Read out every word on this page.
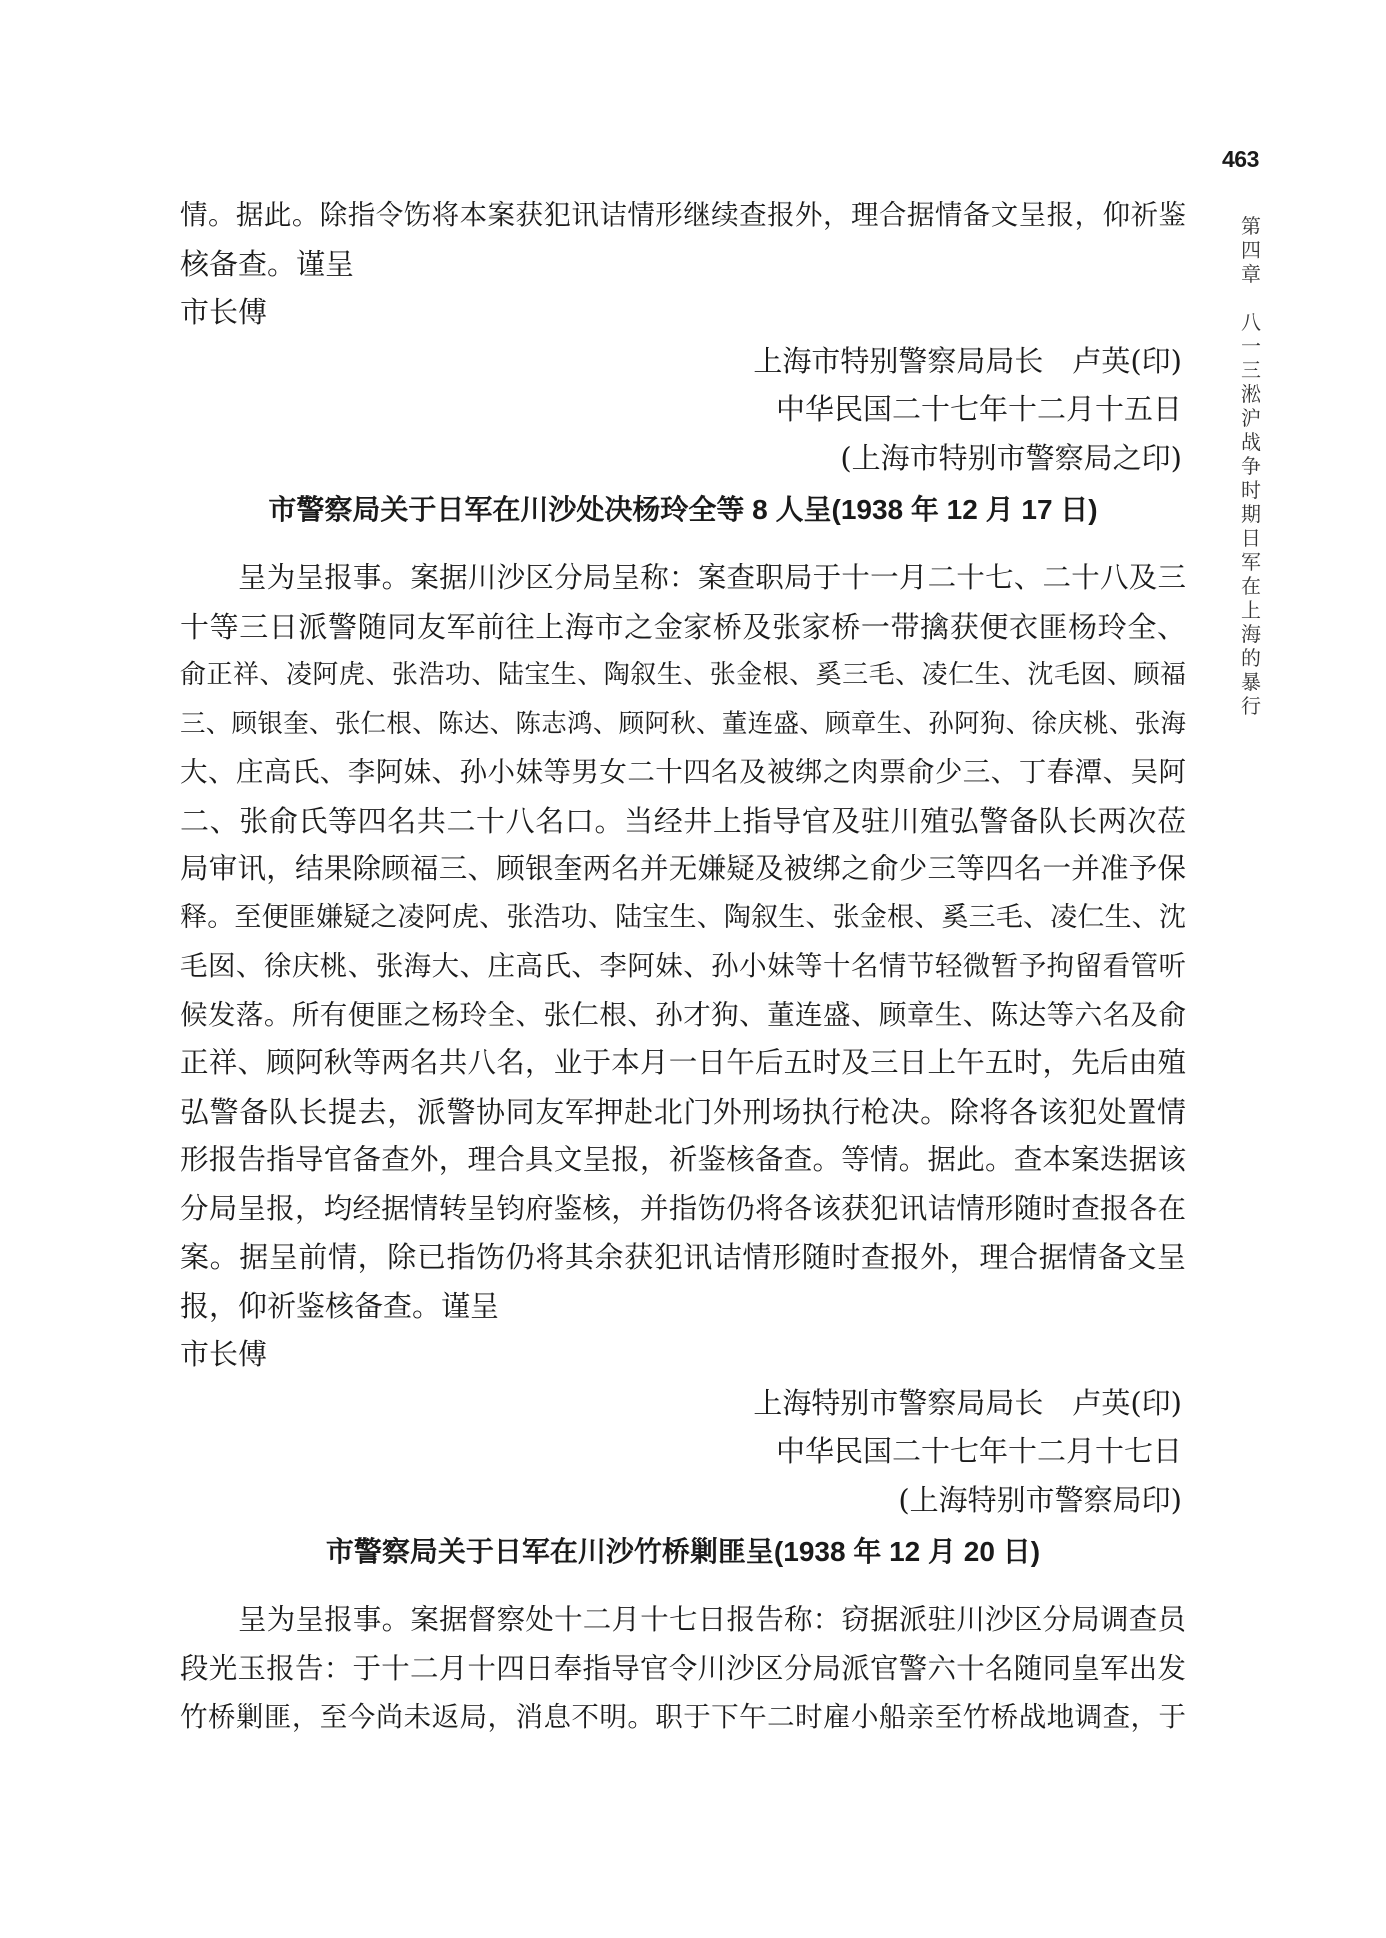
463
第四章
八一三淞沪战争时期日军在上海的暴行
情。据此。除指令饬将本案获犯讯诘情形继续查报外，理合据情备文呈报，仰祈鉴
核备查。谨呈
市长傅
上海市特别警察局局长　卢英(印)
中华民国二十七年十二月十五日
(上海市特别市警察局之印)
市警察局关于日军在川沙处决杨玲全等 8 人呈(1938 年 12 月 17 日)
呈为呈报事。案据川沙区分局呈称：案查职局于十一月二十七、二十八及三
十等三日派警随同友军前往上海市之金家桥及张家桥一带擒获便衣匪杨玲全、
俞正祥、凌阿虎、张浩功、陆宝生、陶叙生、张金根、奚三毛、凌仁生、沈毛囡、顾福
三、顾银奎、张仁根、陈达、陈志鸿、顾阿秋、董连盛、顾章生、孙阿狗、徐庆桃、张海
大、庄高氏、李阿妹、孙小妹等男女二十四名及被绑之肉票俞少三、丁春潭、吴阿
二、张俞氏等四名共二十八名口。当经井上指导官及驻川殖弘警备队长两次莅
局审讯，结果除顾福三、顾银奎两名并无嫌疑及被绑之俞少三等四名一并准予保
释。至便匪嫌疑之凌阿虎、张浩功、陆宝生、陶叙生、张金根、奚三毛、凌仁生、沈
毛囡、徐庆桃、张海大、庄高氏、李阿妹、孙小妹等十名情节轻微暂予拘留看管听
候发落。所有便匪之杨玲全、张仁根、孙才狗、董连盛、顾章生、陈达等六名及俞
正祥、顾阿秋等两名共八名，业于本月一日午后五时及三日上午五时，先后由殖
弘警备队长提去，派警协同友军押赴北门外刑场执行枪决。除将各该犯处置情
形报告指导官备查外，理合具文呈报，祈鉴核备查。等情。据此。查本案迭据该
分局呈报，均经据情转呈钧府鉴核，并指饬仍将各该获犯讯诘情形随时查报各在
案。据呈前情，除已指饬仍将其余获犯讯诘情形随时查报外，理合据情备文呈
报，仰祈鉴核备查。谨呈
市长傅
上海特别市警察局局长　卢英(印)
中华民国二十七年十二月十七日
(上海特别市警察局印)
市警察局关于日军在川沙竹桥剿匪呈(1938 年 12 月 20 日)
呈为呈报事。案据督察处十二月十七日报告称：窃据派驻川沙区分局调查员
段光玉报告：于十二月十四日奉指导官令川沙区分局派官警六十名随同皇军出发
竹桥剿匪，至今尚未返局，消息不明。职于下午二时雇小船亲至竹桥战地调查，于
